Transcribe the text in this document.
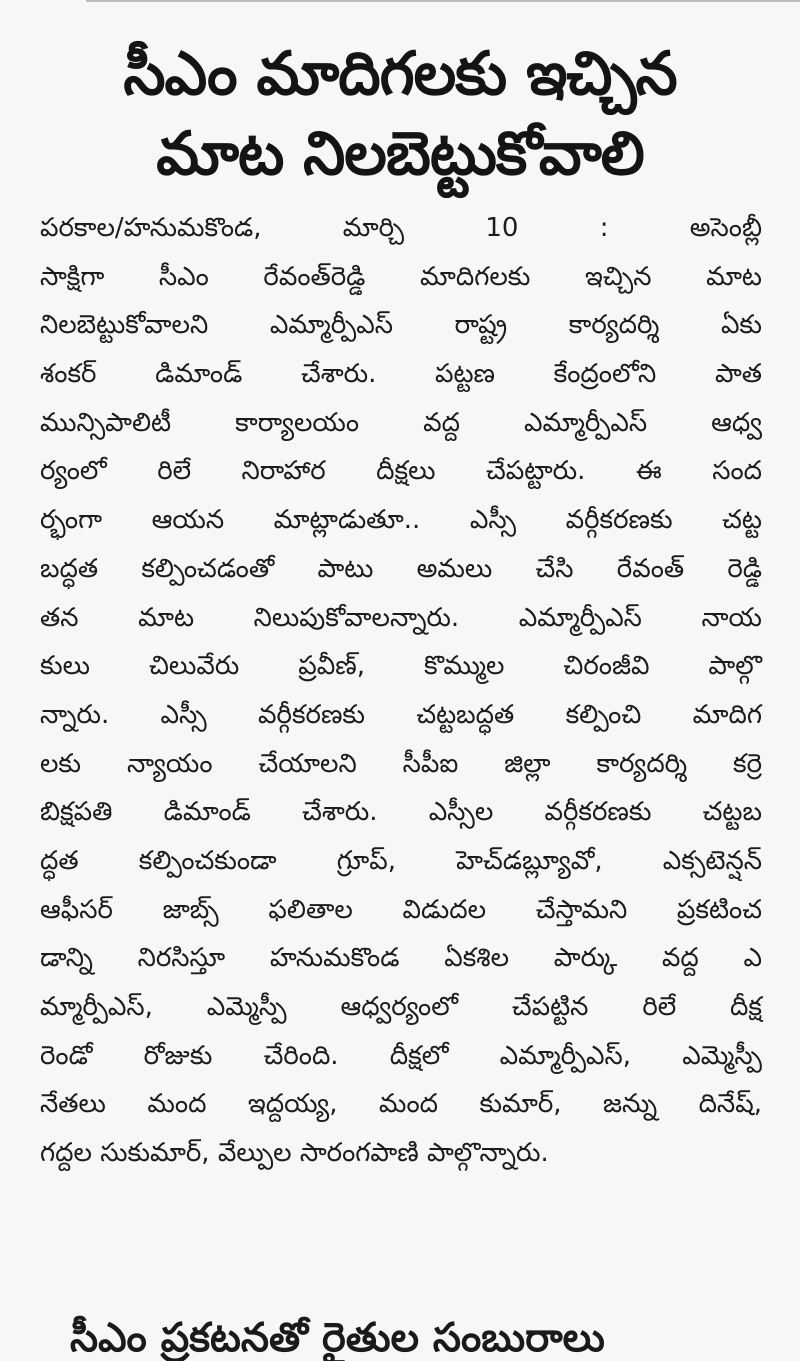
సీఎం మాదిగలకు ఇచ్చిన
మాట నిలబెట్టుకోవాలి
పరకాల/హనుమకొండ, మార్చి 10 : అసెంబ్లీ
సాక్షిగా సీఎం రేవంత్‌రెడ్డి మాదిగలకు ఇచ్చిన మాట
నిలబెట్టుకోవాలని ఎమ్మార్పీఎస్ రాష్ట్ర కార్యదర్శి ఏకు
శంకర్ డిమాండ్ చేశారు. పట్టణ కేంద్రంలోని పాత
మున్సిపాలిటీ కార్యాలయం వద్ద ఎమ్మార్పీఎస్ ఆధ్వ
ర్యంలో రిలే నిరాహార దీక్షలు చేపట్టారు. ఈ సంద
ర్భంగా ఆయన మాట్లాడుతూ.. ఎస్సీ వర్గీకరణకు చట్ట
బద్ధత కల్పించడంతో పాటు అమలు చేసి రేవంత్ రెడ్డి
తన మాట నిలుపుకోవాలన్నారు. ఎమ్మార్పీఎస్ నాయ
కులు చిలువేరు ప్రవీణ్, కొమ్ముల చిరంజీవి పాల్గొ
న్నారు. ఎస్సీ వర్గీకరణకు చట్టబద్ధత కల్పించి మాదిగ
లకు న్యాయం చేయాలని సీపీఐ జిల్లా కార్యదర్శి కర్రె
బిక్షపతి డిమాండ్ చేశారు. ఎస్సీల వర్గీకరణకు చట్టబ
ద్ధత కల్పించకుండా గ్రూప్, హెచ్‌డబ్ల్యూవో, ఎక్సటెన్షన్
ఆఫీసర్ జాబ్స్ ఫలితాల విడుదల చేస్తామని ప్రకటించ
డాన్ని నిరసిస్తూ హనుమకొండ ఏకశిల పార్కు వద్ద ఎ
మ్మార్పీఎస్, ఎమ్మెస్పీ ఆధ్వర్యంలో చేపట్టిన రిలే దీక్ష
రెండో రోజుకు చేరింది. దీక్షలో ఎమ్మార్పీఎస్, ఎమ్మెస్పీ
నేతలు మంద ఇద్దయ్య, మంద కుమార్, జన్ను దినేష్,
గద్దల సుకుమార్, వేల్పుల సారంగపాణి పాల్గొన్నారు.
సీఎం ప్రకటనతో రైతుల సంబురాలు
